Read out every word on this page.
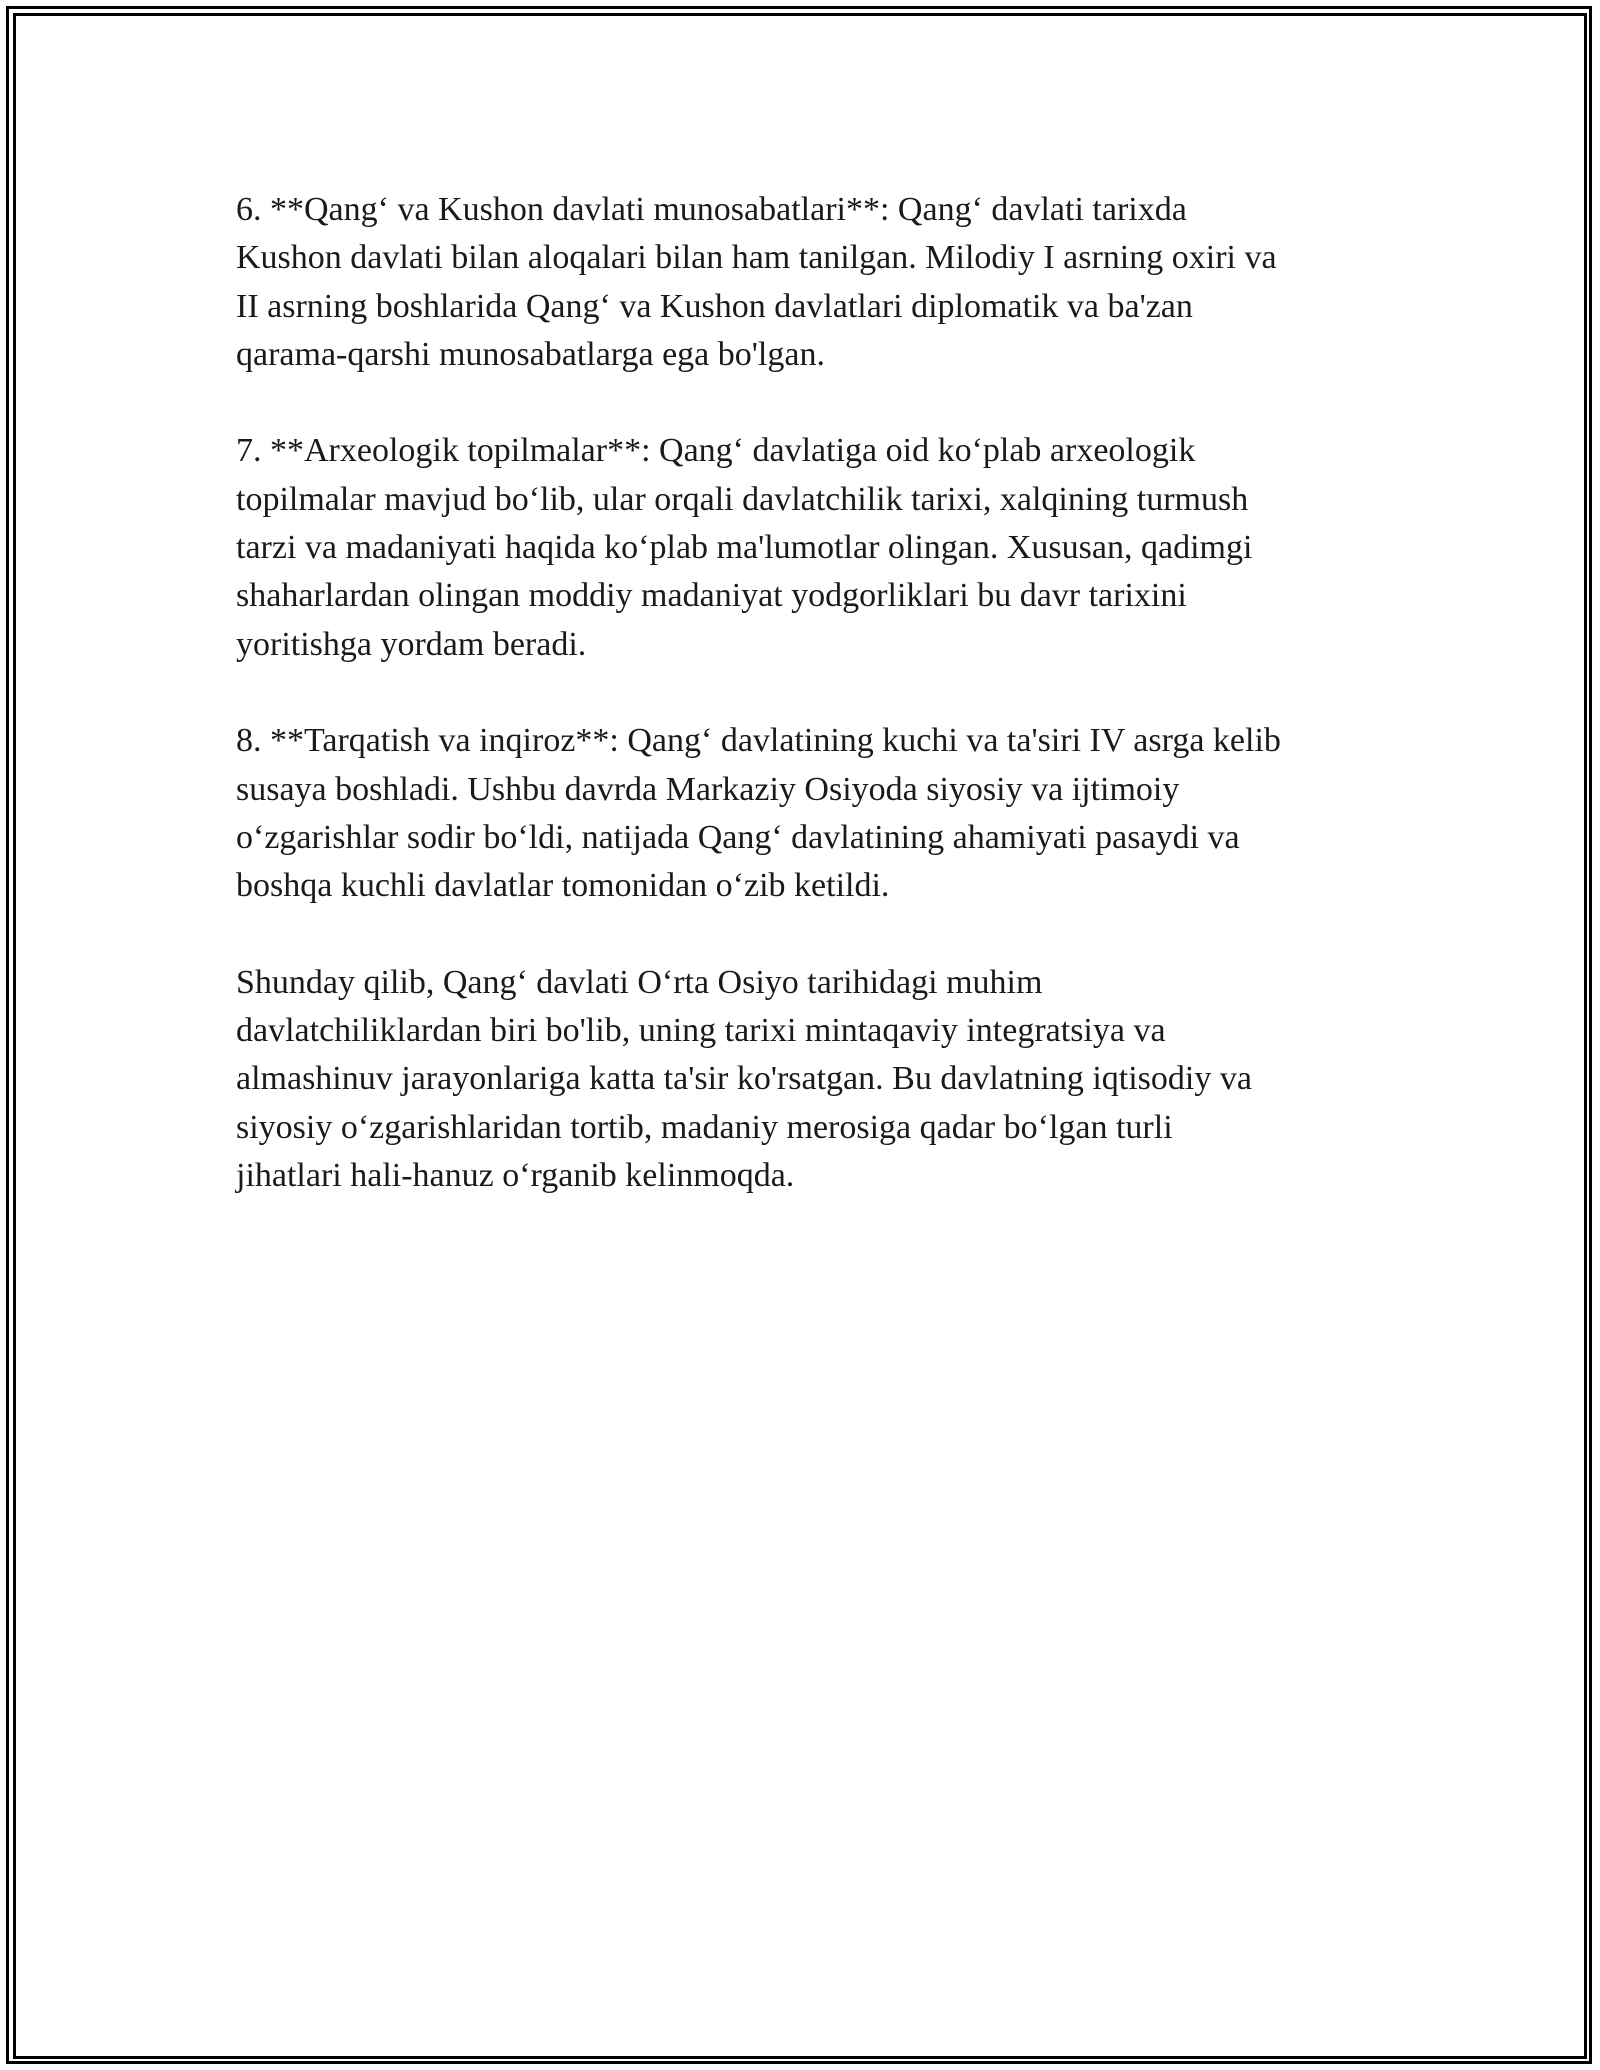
6. **Qang‘ va Kushon davlati munosabatlari**: Qang‘ davlati tarixda
Kushon davlati bilan aloqalari bilan ham tanilgan. Milodiy I asrning oxiri va
II asrning boshlarida Qang‘ va Kushon davlatlari diplomatik va ba'zan
qarama-qarshi munosabatlarga ega bo'lgan.

7. **Arxeologik topilmalar**: Qang‘ davlatiga oid ko‘plab arxeologik
topilmalar mavjud bo‘lib, ular orqali davlatchilik tarixi, xalqining turmush
tarzi va madaniyati haqida ko‘plab ma'lumotlar olingan. Xususan, qadimgi
shaharlardan olingan moddiy madaniyat yodgorliklari bu davr tarixini
yoritishga yordam beradi.

8. **Tarqatish va inqiroz**: Qang‘ davlatining kuchi va ta'siri IV asrga kelib
susaya boshladi. Ushbu davrda Markaziy Osiyoda siyosiy va ijtimoiy
o‘zgarishlar sodir bo‘ldi, natijada Qang‘ davlatining ahamiyati pasaydi va
boshqa kuchli davlatlar tomonidan o‘zib ketildi.

Shunday qilib, Qang‘ davlati O‘rta Osiyo tarihidagi muhim
davlatchiliklardan biri bo'lib, uning tarixi mintaqaviy integratsiya va
almashinuv jarayonlariga katta ta'sir ko'rsatgan. Bu davlatning iqtisodiy va
siyosiy o‘zgarishlaridan tortib, madaniy merosiga qadar bo‘lgan turli
jihatlari hali-hanuz o‘rganib kelinmoqda.
